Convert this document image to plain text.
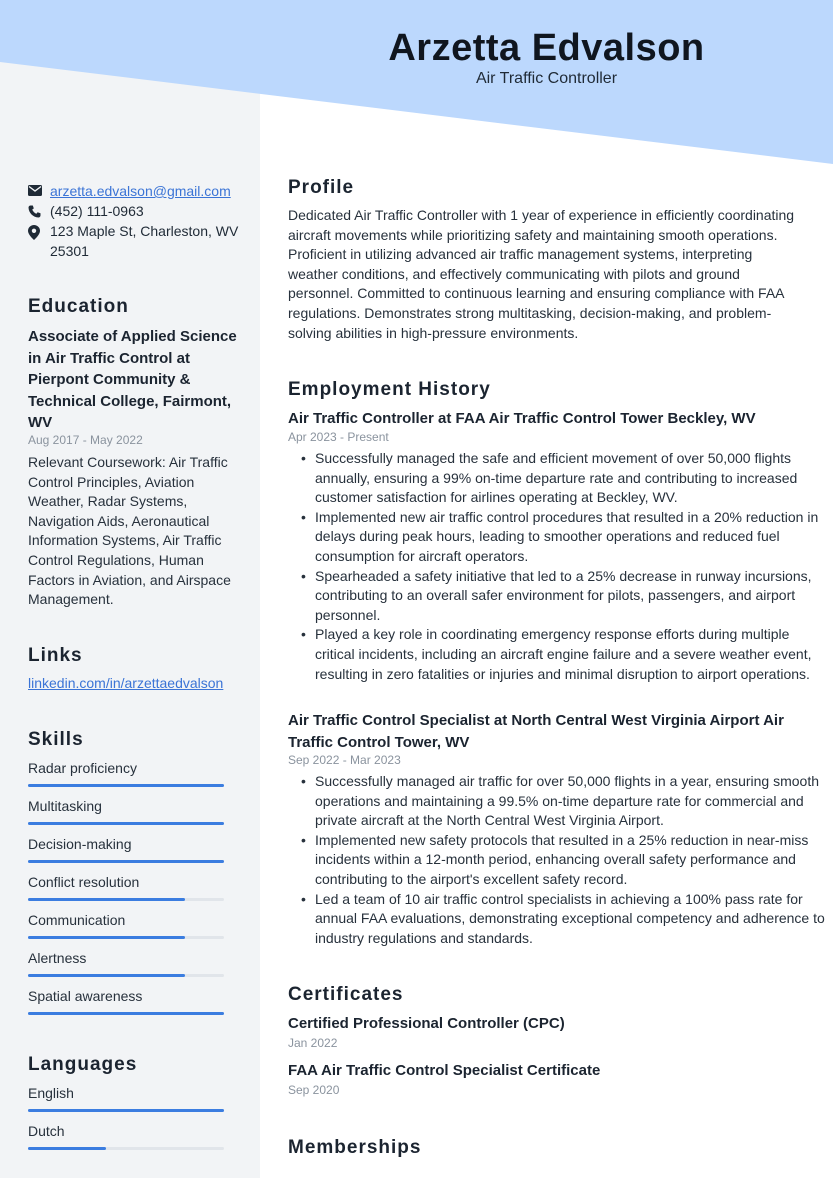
Arzetta Edvalson
Air Traffic Controller
arzetta.edvalson@gmail.com
(452) 111-0963
123 Maple St, Charleston, WV 25301
Education
Associate of Applied Science in Air Traffic Control at Pierpont Community & Technical College, Fairmont, WV
Aug 2017 - May 2022
Relevant Coursework: Air Traffic Control Principles, Aviation Weather, Radar Systems, Navigation Aids, Aeronautical Information Systems, Air Traffic Control Regulations, Human Factors in Aviation, and Airspace Management.
Links
linkedin.com/in/arzettaedvalson
Skills
Radar proficiency
Multitasking
Decision-making
Conflict resolution
Communication
Alertness
Spatial awareness
Languages
English
Dutch
Profile
Dedicated Air Traffic Controller with 1 year of experience in efficiently coordinating aircraft movements while prioritizing safety and maintaining smooth operations. Proficient in utilizing advanced air traffic management systems, interpreting weather conditions, and effectively communicating with pilots and ground personnel. Committed to continuous learning and ensuring compliance with FAA regulations. Demonstrates strong multitasking, decision-making, and problem-solving abilities in high-pressure environments.
Employment History
Air Traffic Controller at FAA Air Traffic Control Tower Beckley, WV
Apr 2023 - Present
• Successfully managed the safe and efficient movement of over 50,000 flights annually, ensuring a 99% on-time departure rate and contributing to increased customer satisfaction for airlines operating at Beckley, WV.
• Implemented new air traffic control procedures that resulted in a 20% reduction in delays during peak hours, leading to smoother operations and reduced fuel consumption for aircraft operators.
• Spearheaded a safety initiative that led to a 25% decrease in runway incursions, contributing to an overall safer environment for pilots, passengers, and airport personnel.
• Played a key role in coordinating emergency response efforts during multiple critical incidents, including an aircraft engine failure and a severe weather event, resulting in zero fatalities or injuries and minimal disruption to airport operations.
Air Traffic Control Specialist at North Central West Virginia Airport Air Traffic Control Tower, WV
Sep 2022 - Mar 2023
• Successfully managed air traffic for over 50,000 flights in a year, ensuring smooth operations and maintaining a 99.5% on-time departure rate for commercial and private aircraft at the North Central West Virginia Airport.
• Implemented new safety protocols that resulted in a 25% reduction in near-miss incidents within a 12-month period, enhancing overall safety performance and contributing to the airport's excellent safety record.
• Led a team of 10 air traffic control specialists in achieving a 100% pass rate for annual FAA evaluations, demonstrating exceptional competency and adherence to industry regulations and standards.
Certificates
Certified Professional Controller (CPC)
Jan 2022
FAA Air Traffic Control Specialist Certificate
Sep 2020
Memberships
